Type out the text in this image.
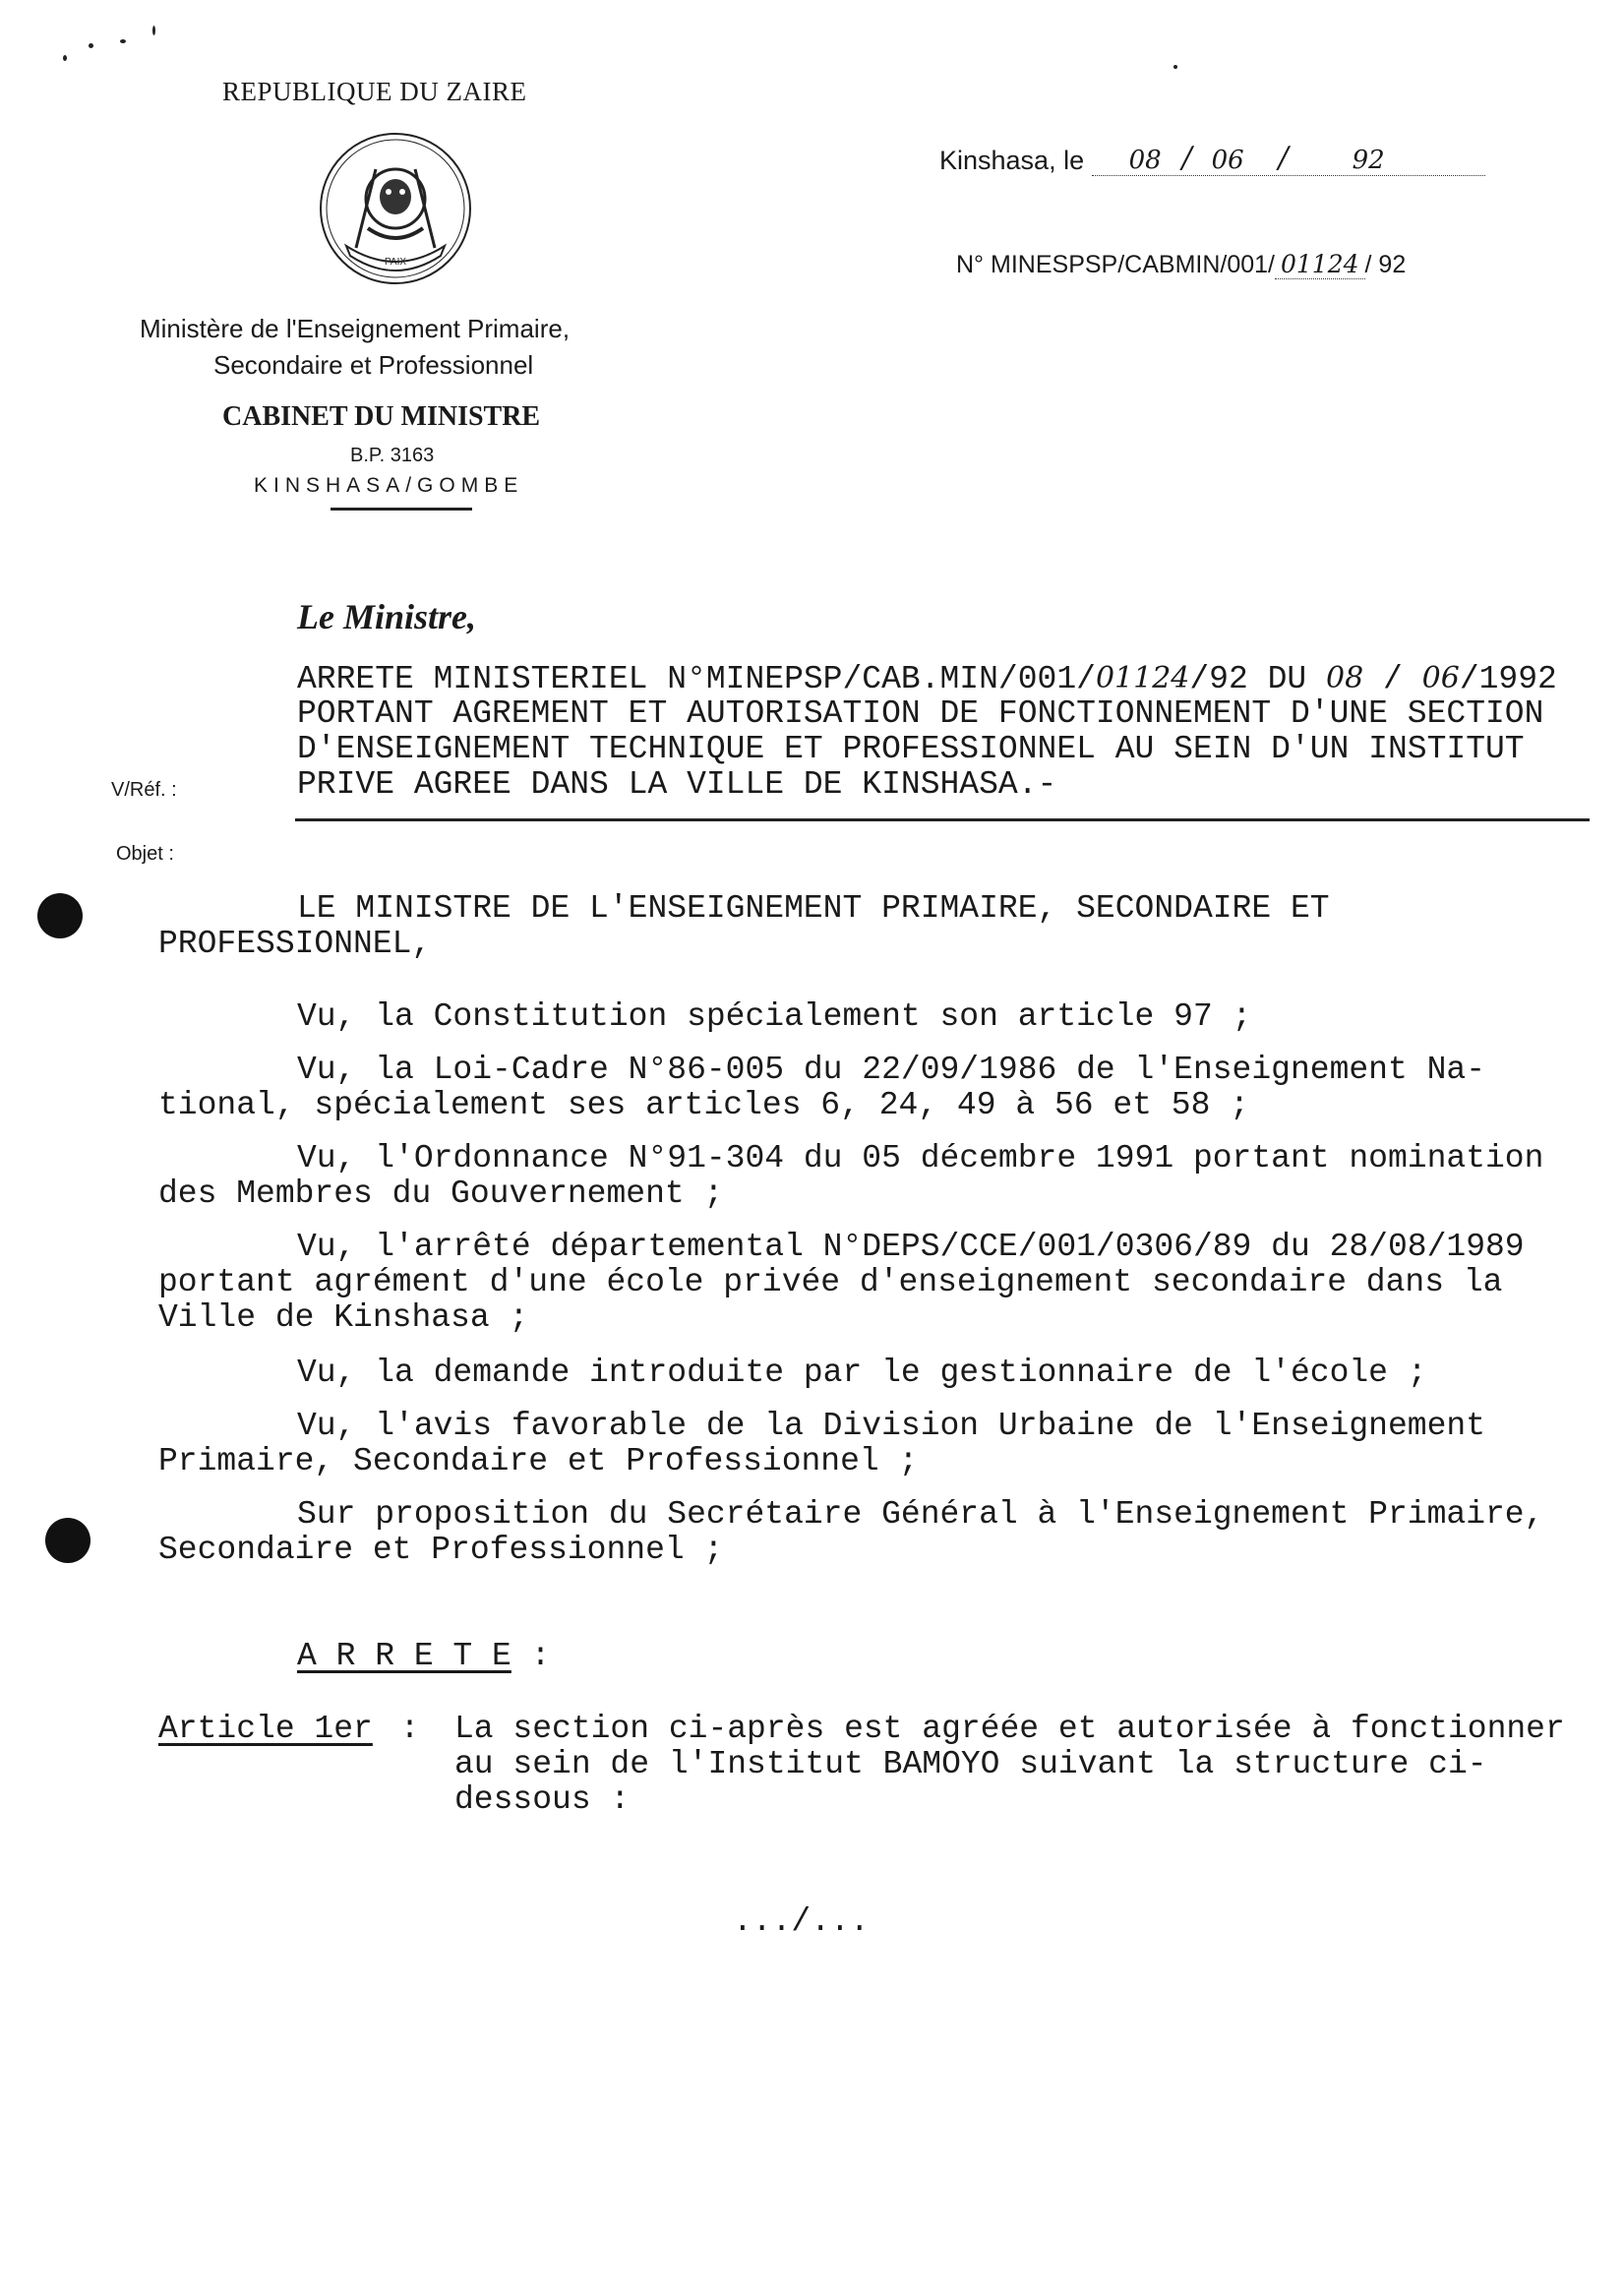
REPUBLIQUE DU ZAIRE
PAIX
Ministère de l'Enseignement Primaire,
Secondaire et Professionnel
CABINET DU MINISTRE
B.P. 3163
KINSHASA/GOMBE
Kinshasa, le 08 / 06 / 92
N° MINESPSP/CABMIN/001/ 01124 / 92
Le Ministre,
ARRETE MINISTERIEL N°MINEPSP/CAB.MIN/001/01124/92 DU 08 / 06/1992
PORTANT AGREMENT ET AUTORISATION DE FONCTIONNEMENT D'UNE SECTION
D'ENSEIGNEMENT TECHNIQUE ET PROFESSIONNEL AU SEIN D'UN INSTITUT
PRIVE AGREE DANS LA VILLE DE KINSHASA.-
V/Réf. :
Objet :
LE MINISTRE DE L'ENSEIGNEMENT PRIMAIRE, SECONDAIRE ET
PROFESSIONNEL,
Vu, la Constitution spécialement son article 97 ;
Vu, la Loi-Cadre N°86-005 du 22/09/1986 de l'Enseignement Na-
tional, spécialement ses articles 6, 24, 49 à 56 et 58 ;
Vu, l'Ordonnance N°91-304 du 05 décembre 1991 portant nomination
des Membres du Gouvernement ;
Vu, l'arrêté départemental N°DEPS/CCE/001/0306/89 du 28/08/1989
portant agrément d'une école privée d'enseignement secondaire dans la
Ville de Kinshasa ;
Vu, la demande introduite par le gestionnaire de l'école ;
Vu, l'avis favorable de la Division Urbaine de l'Enseignement
Primaire, Secondaire et Professionnel ;
Sur proposition du Secrétaire Général à l'Enseignement Primaire,
Secondaire et Professionnel ;
A R R E T E :
Article 1er : La section ci-après est agréée et autorisée à fonctionner
au sein de l'Institut BAMOYO suivant la structure ci-
dessous :
.../...
